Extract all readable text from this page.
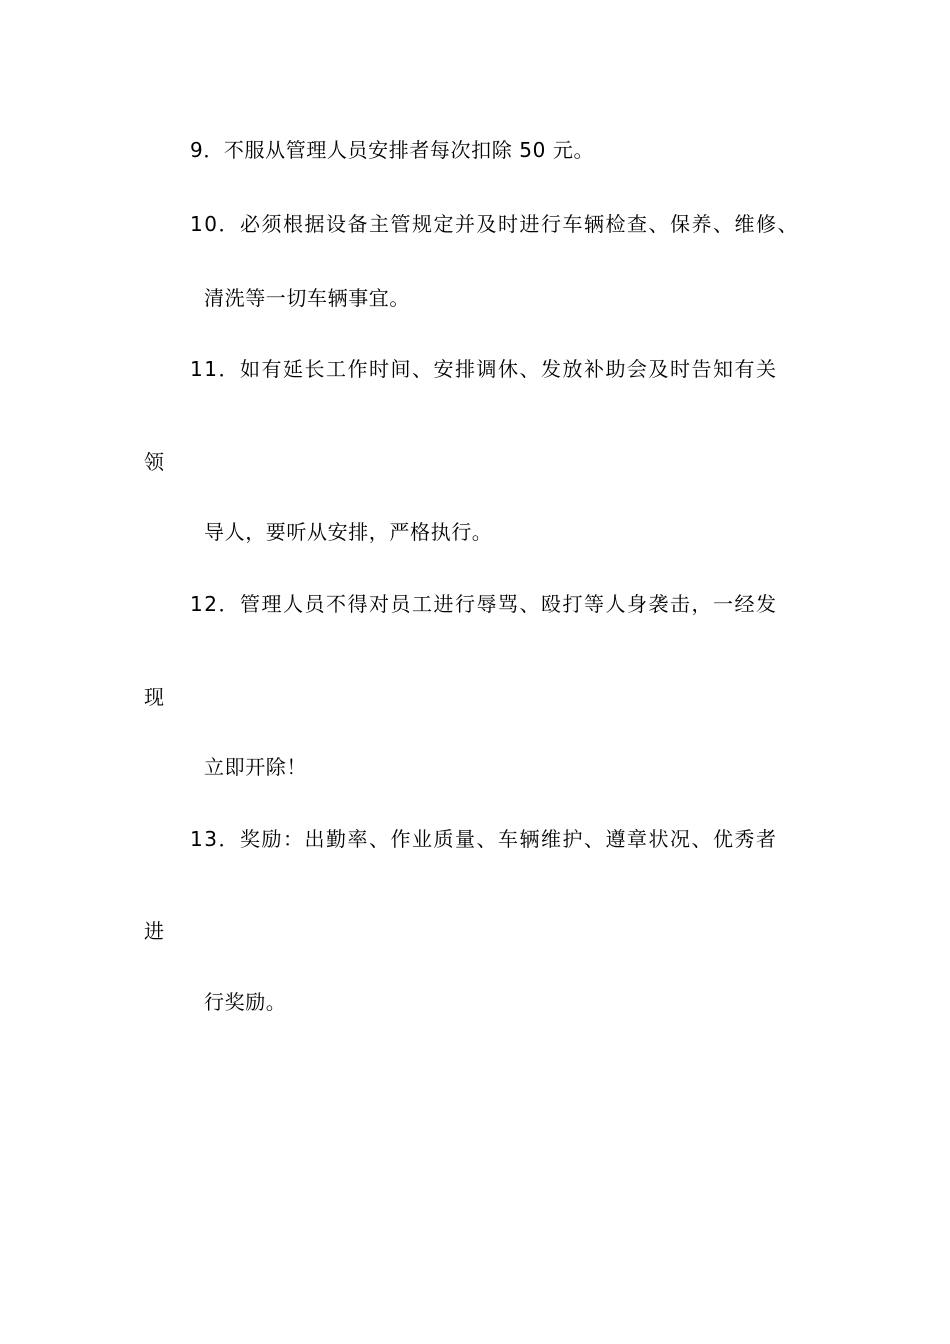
9．不服从管理人员安排者每次扣除 50 元。
10．必须根据设备主管规定并及时进行车辆检查、保养、维修、
清洗等一切车辆事宜。
11．如有延长工作时间、安排调休、发放补助会及时告知有关
领
导人，要听从安排，严格执行。
12．管理人员不得对员工进行辱骂、殴打等人身袭击，一经发
现
立即开除！
13．奖励：出勤率、作业质量、车辆维护、遵章状况、优秀者
进
行奖励。
